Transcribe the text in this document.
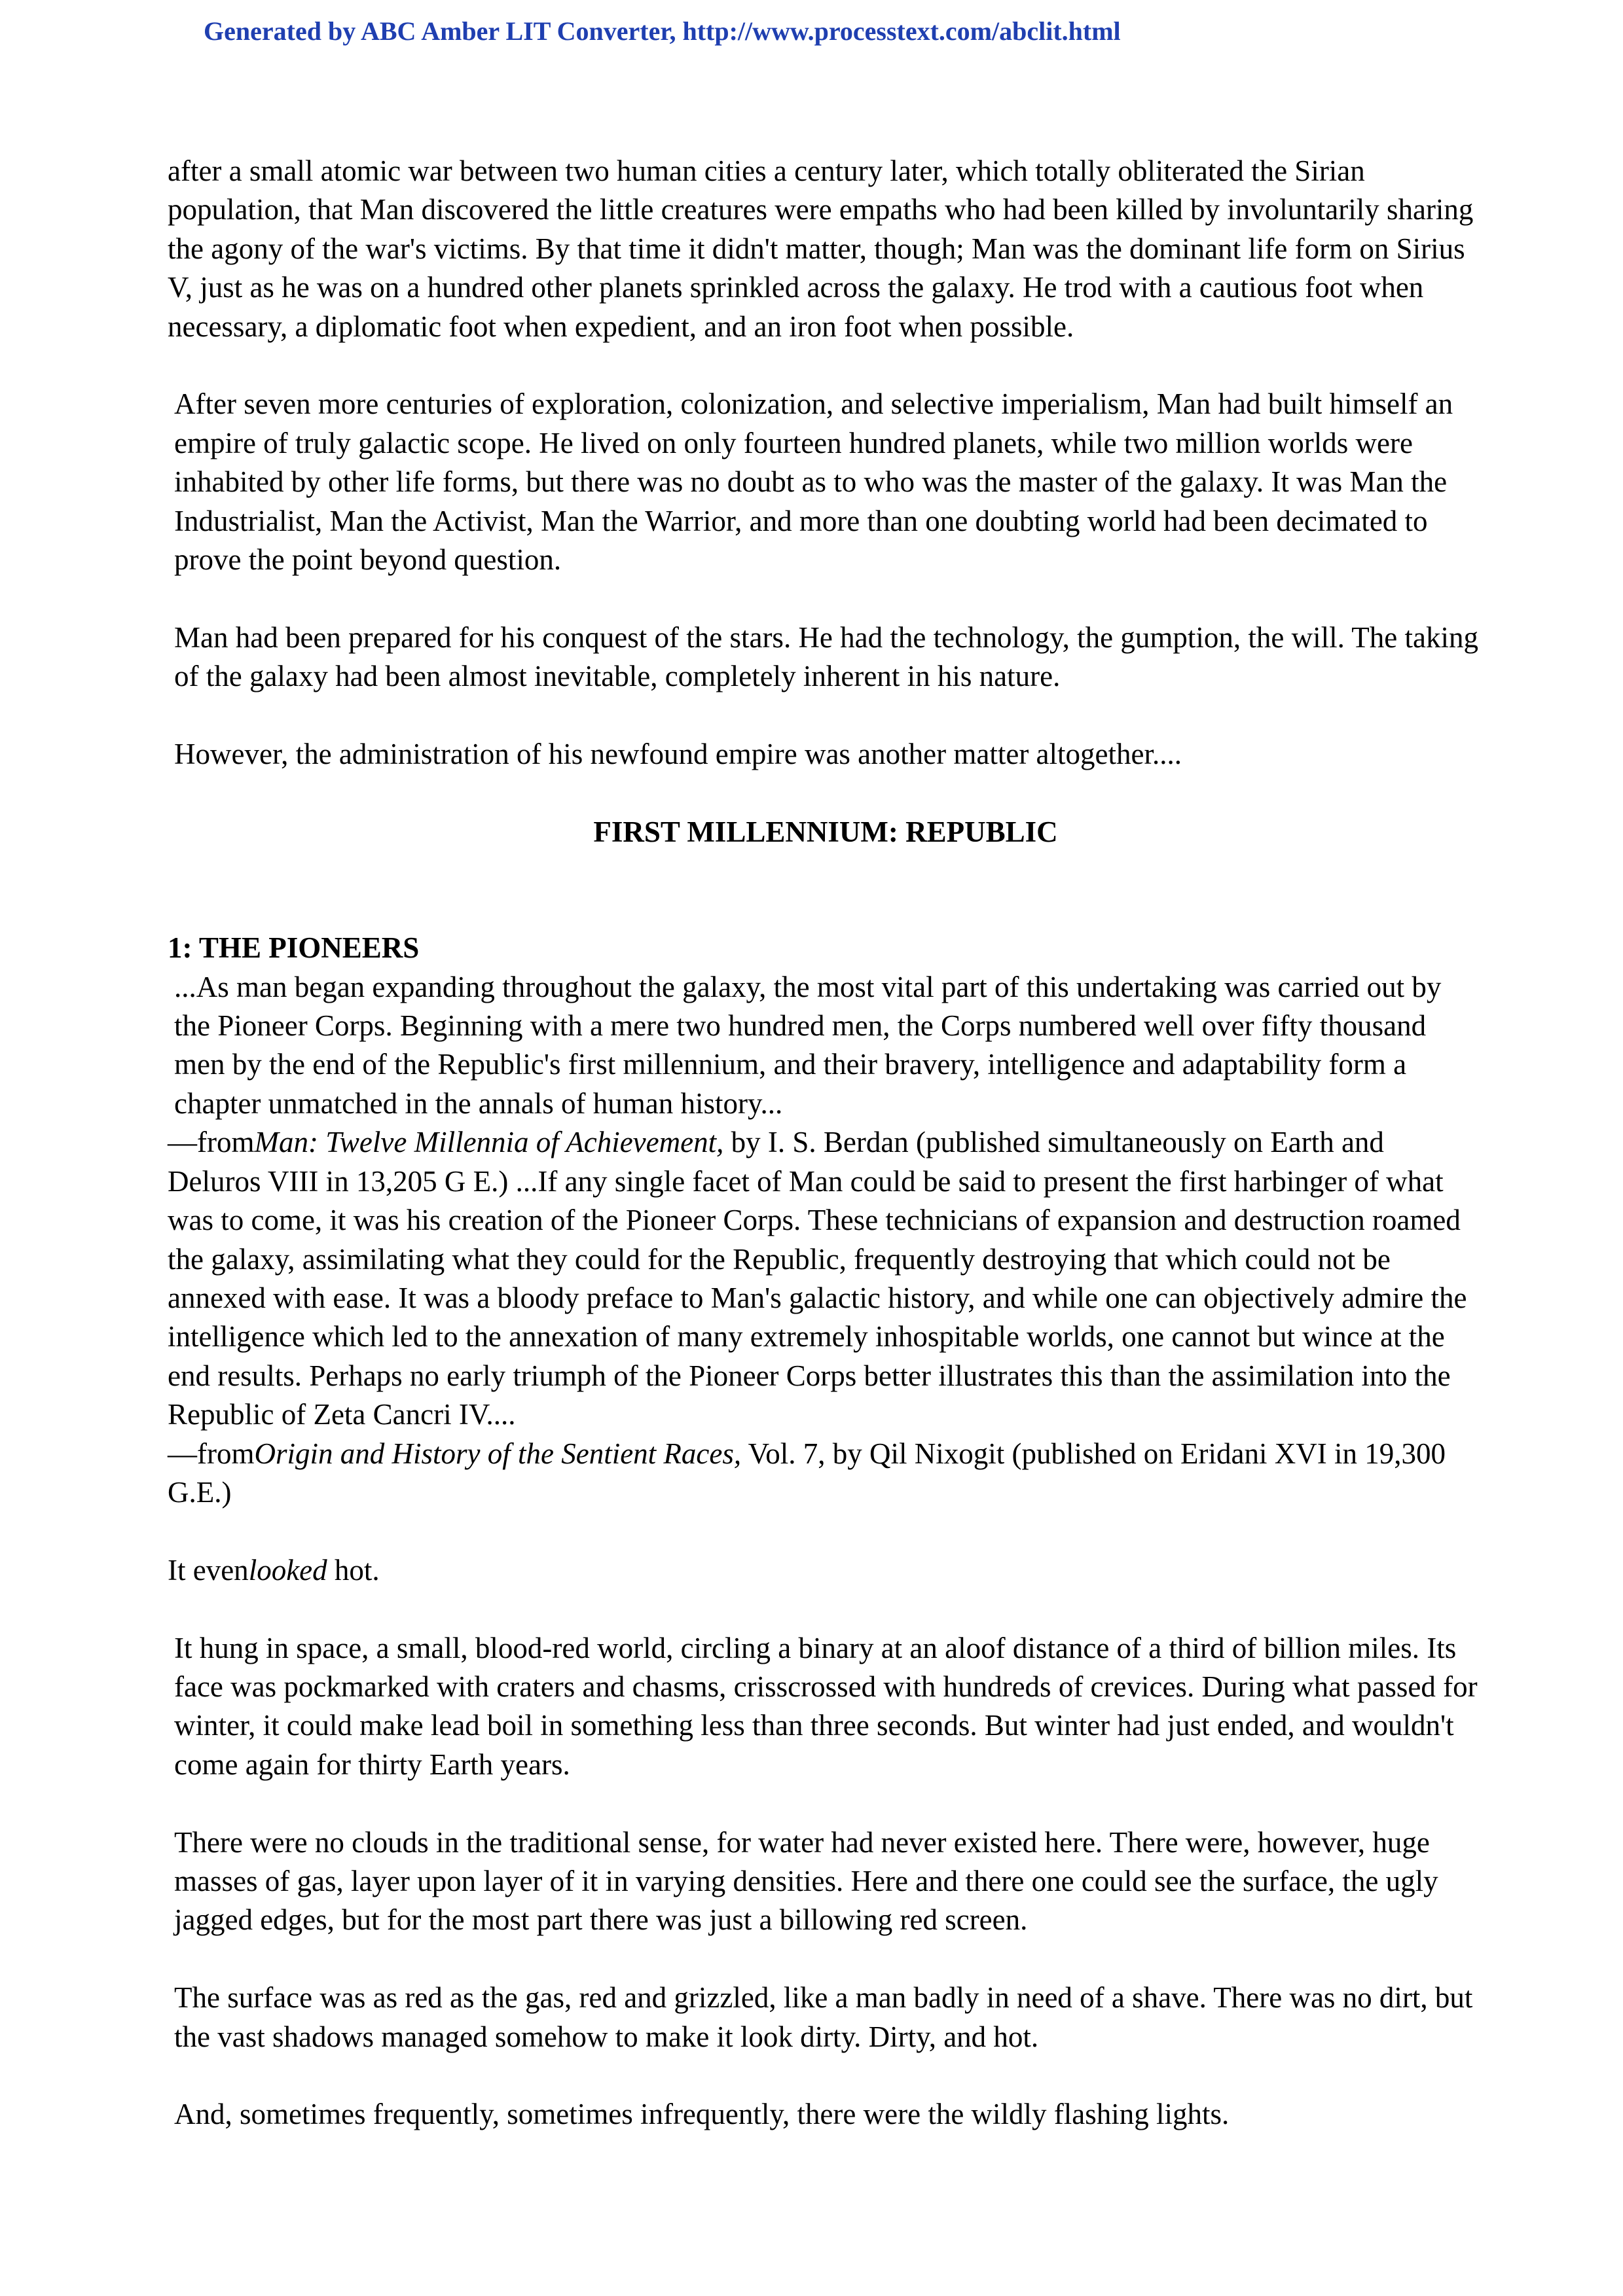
Generated by ABC Amber LIT Converter, http://www.processtext.com/abclit.html

after a small atomic war between two human cities a century later, which totally obliterated the Sirian population, that Man discovered the little creatures were empaths who had been killed by involuntarily sharing the agony of the war's victims. By that time it didn't matter, though; Man was the dominant life form on Sirius V, just as he was on a hundred other planets sprinkled across the galaxy. He trod with a cautious foot when necessary, a diplomatic foot when expedient, and an iron foot when possible.

After seven more centuries of exploration, colonization, and selective imperialism, Man had built himself an empire of truly galactic scope. He lived on only fourteen hundred planets, while two million worlds were inhabited by other life forms, but there was no doubt as to who was the master of the galaxy. It was Man the Industrialist, Man the Activist, Man the Warrior, and more than one doubting world had been decimated to prove the point beyond question.

Man had been prepared for his conquest of the stars. He had the technology, the gumption, the will. The taking of the galaxy had been almost inevitable, completely inherent in his nature.

However, the administration of his newfound empire was another matter altogether....

FIRST MILLENNIUM: REPUBLIC

1: THE PIONEERS

...As man began expanding throughout the galaxy, the most vital part of this undertaking was carried out by the Pioneer Corps. Beginning with a mere two hundred men, the Corps numbered well over fifty thousand men by the end of the Republic's first millennium, and their bravery, intelligence and adaptability form a chapter unmatched in the annals of human history...

—fromMan: Twelve Millennia of Achievement, by I. S. Berdan (published simultaneously on Earth and Deluros VIII in 13,205 G E.) ...If any single facet of Man could be said to present the first harbinger of what was to come, it was his creation of the Pioneer Corps. These technicians of expansion and destruction roamed the galaxy, assimilating what they could for the Republic, frequently destroying that which could not be annexed with ease. It was a bloody preface to Man's galactic history, and while one can objectively admire the intelligence which led to the annexation of many extremely inhospitable worlds, one cannot but wince at the end results. Perhaps no early triumph of the Pioneer Corps better illustrates this than the assimilation into the Republic of Zeta Cancri IV....

—fromOrigin and History of the Sentient Races, Vol. 7, by Qil Nixogit (published on Eridani XVI in 19,300 G.E.)

It evenlooked hot.

It hung in space, a small, blood-red world, circling a binary at an aloof distance of a third of billion miles. Its face was pockmarked with craters and chasms, crisscrossed with hundreds of crevices. During what passed for winter, it could make lead boil in something less than three seconds. But winter had just ended, and wouldn't come again for thirty Earth years.

There were no clouds in the traditional sense, for water had never existed here. There were, however, huge masses of gas, layer upon layer of it in varying densities. Here and there one could see the surface, the ugly jagged edges, but for the most part there was just a billowing red screen.

The surface was as red as the gas, red and grizzled, like a man badly in need of a shave. There was no dirt, but the vast shadows managed somehow to make it look dirty. Dirty, and hot.

And, sometimes frequently, sometimes infrequently, there were the wildly flashing lights.
